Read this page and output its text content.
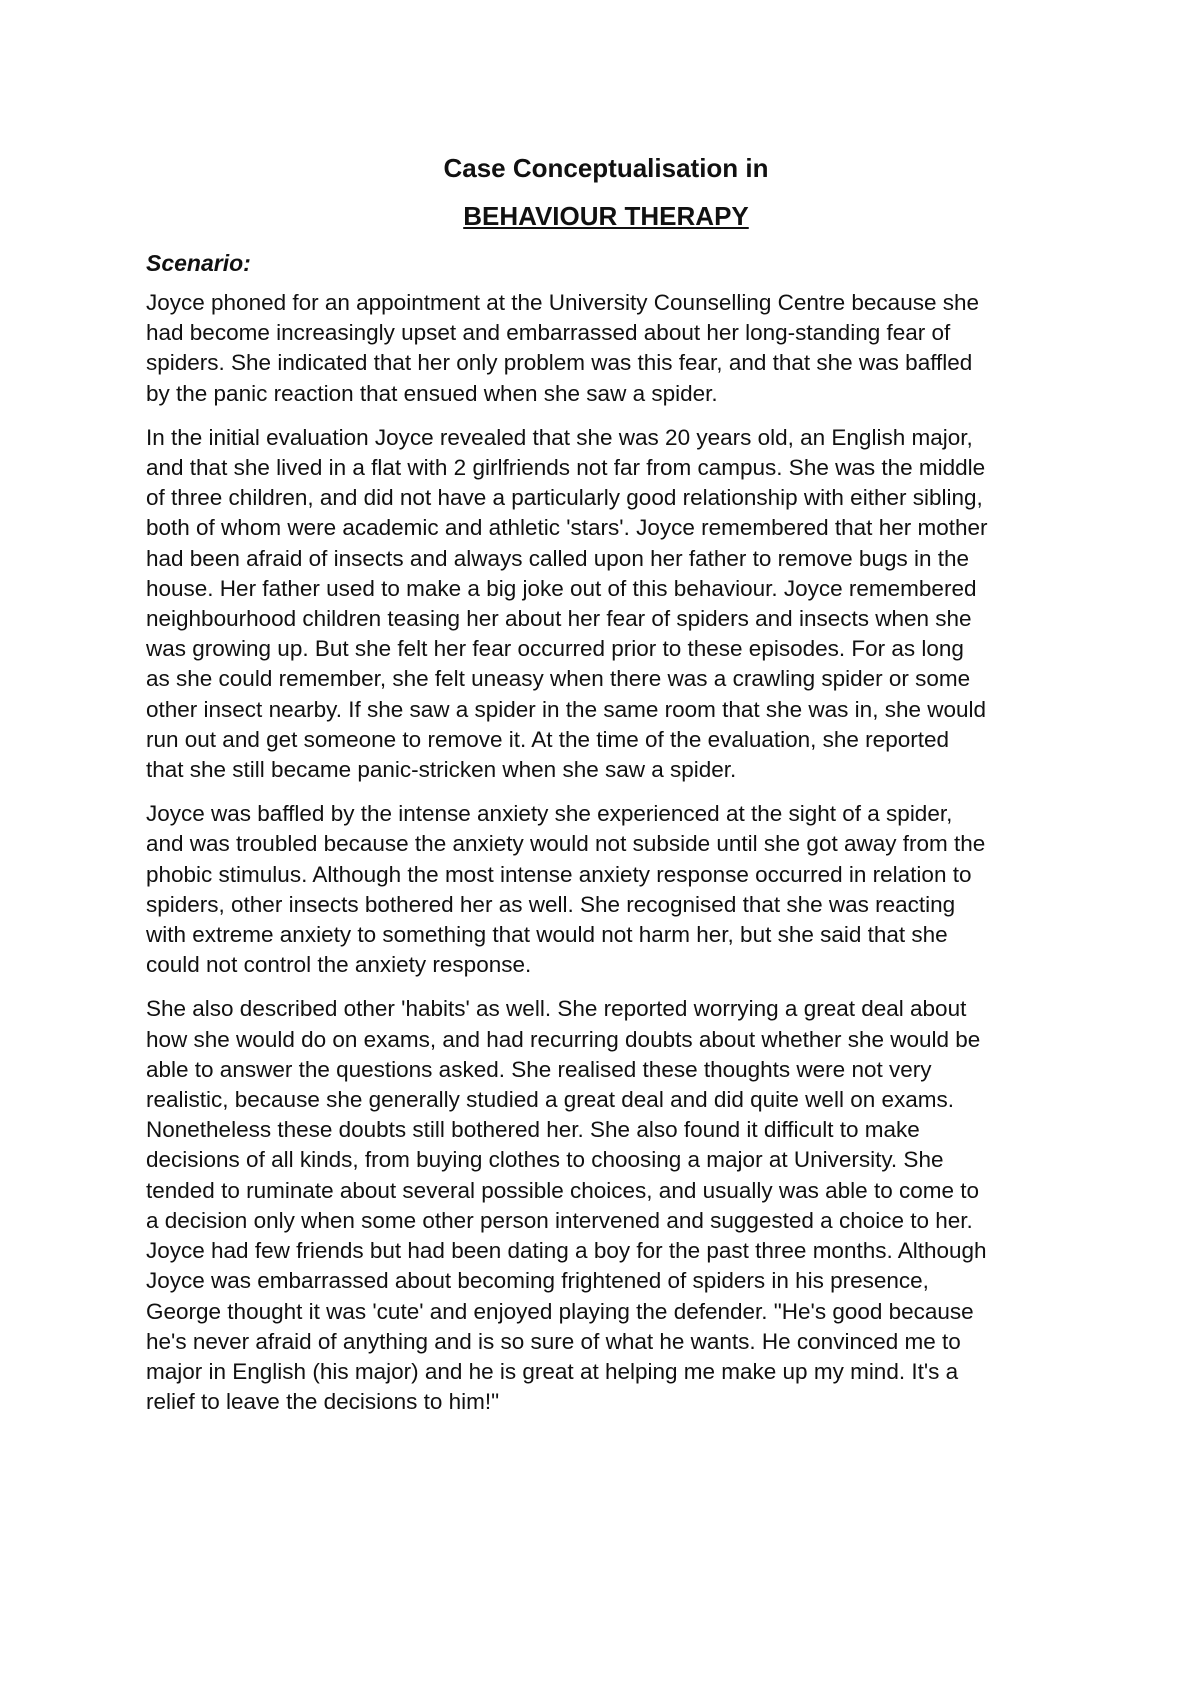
Case Conceptualisation in
BEHAVIOUR THERAPY
Scenario:
Joyce phoned for an appointment at the University Counselling Centre because she
had become increasingly upset and embarrassed about her long-standing fear of
spiders. She indicated that her only problem was this fear, and that she was baffled
by the panic reaction that ensued when she saw a spider.
In the initial evaluation Joyce revealed that she was 20 years old, an English major,
and that she lived in a flat with 2 girlfriends not far from campus. She was the middle
of three children, and did not have a particularly good relationship with either sibling,
both of whom were academic and athletic 'stars'. Joyce remembered that her mother
had been afraid of insects and always called upon her father to remove bugs in the
house. Her father used to make a big joke out of this behaviour. Joyce remembered
neighbourhood children teasing her about her fear of spiders and insects when she
was growing up. But she felt her fear occurred prior to these episodes. For as long
as she could remember, she felt uneasy when there was a crawling spider or some
other insect nearby. If she saw a spider in the same room that she was in, she would
run out and get someone to remove it. At the time of the evaluation, she reported
that she still became panic-stricken when she saw a spider.
Joyce was baffled by the intense anxiety she experienced at the sight of a spider,
and was troubled because the anxiety would not subside until she got away from the
phobic stimulus. Although the most intense anxiety response occurred in relation to
spiders, other insects bothered her as well. She recognised that she was reacting
with extreme anxiety to something that would not harm her, but she said that she
could not control the anxiety response.
She also described other 'habits' as well. She reported worrying a great deal about
how she would do on exams, and had recurring doubts about whether she would be
able to answer the questions asked. She realised these thoughts were not very
realistic, because she generally studied a great deal and did quite well on exams.
Nonetheless these doubts still bothered her. She also found it difficult to make
decisions of all kinds, from buying clothes to choosing a major at University. She
tended to ruminate about several possible choices, and usually was able to come to
a decision only when some other person intervened and suggested a choice to her.
Joyce had few friends but had been dating a boy for the past three months. Although
Joyce was embarrassed about becoming frightened of spiders in his presence,
George thought it was 'cute' and enjoyed playing the defender. "He's good because
he's never afraid of anything and is so sure of what he wants. He convinced me to
major in English (his major) and he is great at helping me make up my mind. It's a
relief to leave the decisions to him!"
